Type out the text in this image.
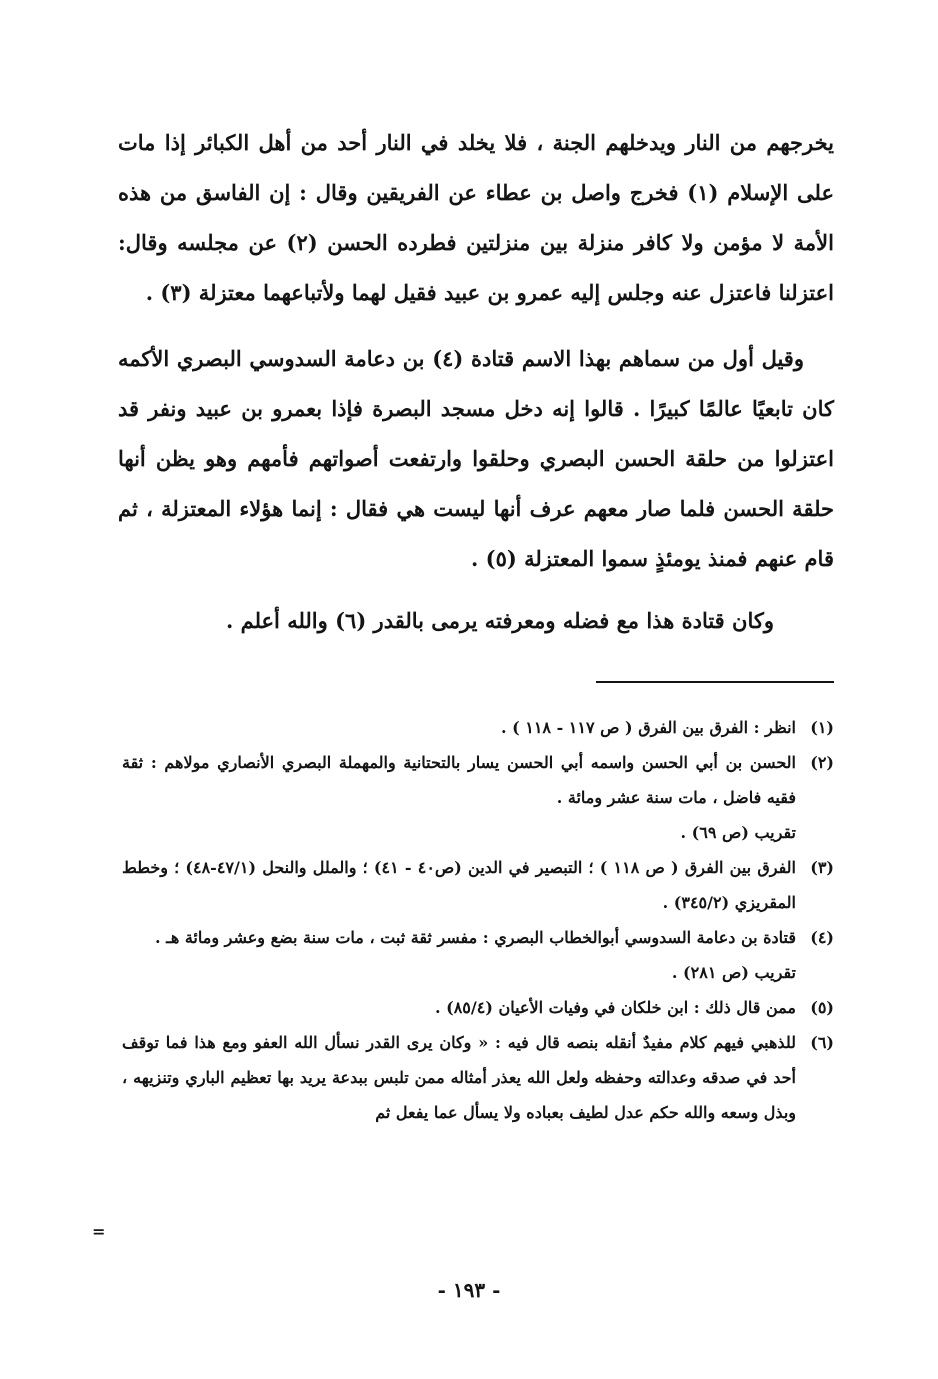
يخرجهم من النار ويدخلهم الجنة ، فلا يخلد في النار أحد من أهل الكبائر إذا مات على الإسلام (١) فخرج واصل بن عطاء عن الفريقين وقال : إن الفاسق من هذه الأمة لا مؤمن ولا كافر منزلة بين منزلتين فطرده الحسن (٢) عن مجلسه وقال: اعتزلنا فاعتزل عنه وجلس إليه عمرو بن عبيد فقيل لهما ولأتباعهما معتزلة (٣) .

وقيل أول من سماهم بهذا الاسم قتادة (٤) بن دعامة السدوسي البصري الأكمه كان تابعيًا عالمًا كبيرًا . قالوا إنه دخل مسجد البصرة فإذا بعمرو بن عبيد ونفر قد اعتزلوا من حلقة الحسن البصري وحلقوا وارتفعت أصواتهم فأمهم وهو يظن أنها حلقة الحسن فلما صار معهم عرف أنها ليست هي فقال : إنما هؤلاء المعتزلة ، ثم قام عنهم فمنذ يومئذٍ سموا المعتزلة (٥) .

وكان قتادة هذا مع فضله ومعرفته يرمى بالقدر (٦) والله أعلم .

(١)
انظر : الفرق بين الفرق ( ص ١١٧ - ١١٨ ) .

(٢)
الحسن بن أبي الحسن واسمه أبي الحسن يسار بالتحتانية والمهملة البصري الأنصاري مولاهم : ثقة فقيه فاضل ، مات سنة عشر ومائة .
تقريب (ص ٦٩) .

(٣)
الفرق بين الفرق ( ص ١١٨ ) ؛ التبصير في الدين (ص٤٠ - ٤١) ؛ والملل والنحل (٤٧/١-٤٨) ؛ وخطط المقريزي (٣٤٥/٢) .

(٤)
قتادة بن دعامة السدوسي أبوالخطاب البصري : مفسر ثقة ثبت ، مات سنة بضع وعشر ومائة هـ .
تقريب (ص ٢٨١) .

(٥)
ممن قال ذلك : ابن خلكان في وفيات الأعيان (٨٥/٤) .

(٦)
للذهبي فيهم كلام مفيدٌ أنقله بنصه قال فيه : « وكان يرى القدر نسأل الله العفو ومع هذا فما توقف أحد في صدقه وعدالته وحفظه ولعل الله يعذر أمثاله ممن تلبس ببدعة يريد بها تعظيم الباري وتنزيهه ، وبذل وسعه والله حكم عدل لطيف بعباده ولا يسأل عما يفعل ثم

=
- ١٩٣ -
